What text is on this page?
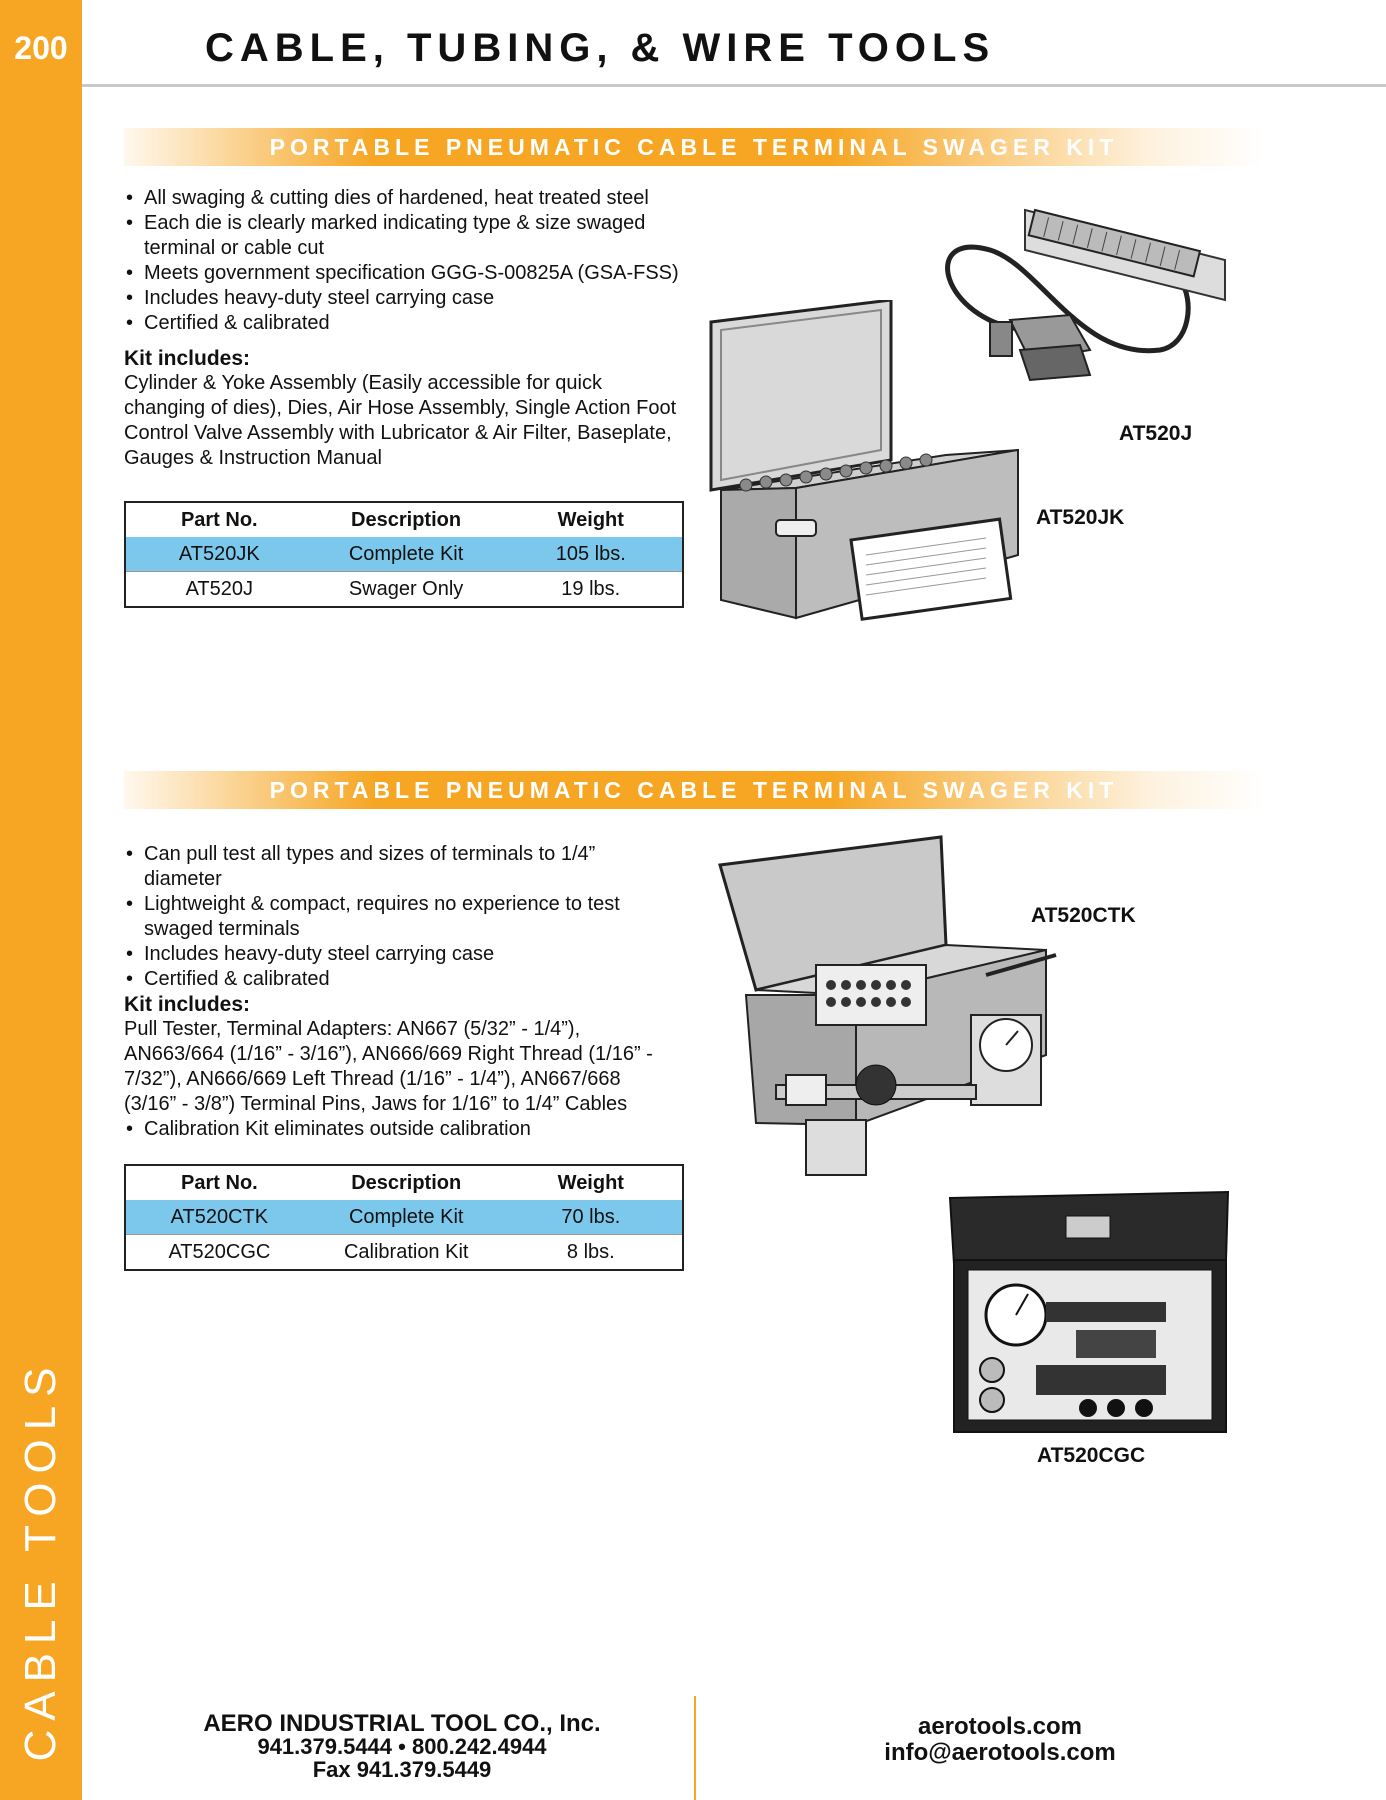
200
CABLE TOOLS
CABLE, TUBING, & WIRE TOOLS
PORTABLE PNEUMATIC CABLE TERMINAL SWAGER KIT
• All swaging & cutting dies of hardened, heat treated steel
• Each die is clearly marked indicating type & size swaged terminal or cable cut
• Meets government specification GGG-S-00825A (GSA-FSS)
• Includes heavy-duty steel carrying case
• Certified & calibrated
Kit includes:

Cylinder & Yoke Assembly (Easily accessible for quick changing of dies), Dies, Air Hose Assembly, Single Action Foot Control Valve Assembly with Lubricator & Air Filter, Baseplate, Gauges & Instruction Manual

Part No.	Description	Weight
AT520JK	Complete Kit	105 lbs.
AT520J	Swager Only	19 lbs.
AT520J
AT520JK
PORTABLE PNEUMATIC CABLE TERMINAL SWAGER KIT
• Can pull test all types and sizes of terminals to 1/4” diameter
• Lightweight & compact, requires no experience to test swaged terminals
• Includes heavy-duty steel carrying case
• Certified & calibrated
Kit includes:

Pull Tester, Terminal Adapters: AN667 (5/32” - 1/4”), AN663/664 (1/16” - 3/16”), AN666/669 Right Thread (1/16” - 7/32”), AN666/669 Left Thread (1/16” - 1/4”), AN667/668 (3/16” - 3/8”) Terminal Pins, Jaws for 1/16” to 1/4” Cables

• Calibration Kit eliminates outside calibration
Part No.	Description	Weight
AT520CTK	Complete Kit	70 lbs.
AT520CGC	Calibration Kit	8 lbs.
AT520CTK
AT520CGC
AERO INDUSTRIAL TOOL CO., Inc.
941.379.5444 • 800.242.4944
Fax 941.379.5449
aerotools.com
info@aerotools.com
